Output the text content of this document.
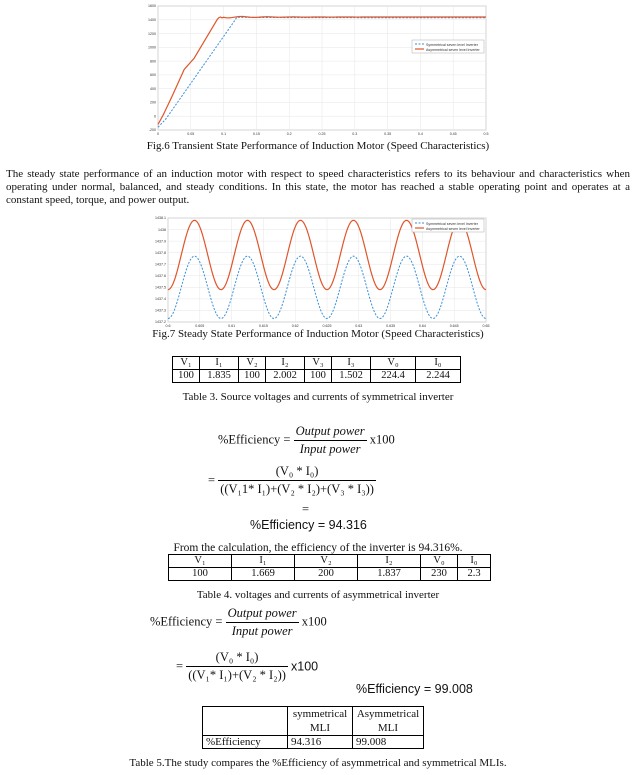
1600
1400
1200
1000
800
600
400
200
0
-200
0	0.05	0.1	0.15	0.2	0.25	0.3	0.35	0.4	0.45	0.5
Symmetrical seven level Inverter
Asymmetrical seven level Inverter
Fig.6 Transient State Performance of Induction Motor (Speed Characteristics)
The steady state performance of an induction motor with respect to speed characteristics refers to its behaviour and characteristics when operating under normal, balanced, and steady conditions. In this state, the motor has reached a stable operating point and operates at a constant speed, torque, and power output.
1438.1
1438
1437.9
1437.8
1437.7
1437.6
1437.5
1437.4
1437.3
1437.2
0.6	0.605	0.61	0.615	0.62	0.625	0.63	0.635	0.64	0.645	0.65
Symmetrical seven level Inverter
Asymmetrical seven level Inverter
Fig.7 Steady State Performance of Induction Motor (Speed Characteristics)
V₁	I₁	V₂	I₂	V₃	I₃	V₀	I₀
100	1.835	100	2.002	100	1.502	224.4	2.244
Table 3. Source voltages and currents of symmetrical inverter
%Efficiency = $\frac{\text{Output power}}{\text{Input power}} x100$
= $\frac{\text{(V₀ * I₀)}}{\text{((V₁1* I₁)+(V₂ * I₂)+(V₃ * I₃))}}$
=
%Efficiency = 94.316
From the calculation, the efficiency of the inverter is 94.316%.
V₁	I₁	V₂	I₂	V₀	I₀
100	1.669	200	1.837	230	2.3
Table 4. voltages and currents of asymmetrical inverter
%Efficiency = $\frac{\text{Output power}}{\text{Input power}} x100$
= $\frac{\text{(V₀ * I₀)}}{\text{((V₁* I₁)+(V₂ * I₂))}} x100$
%Efficiency = 99.008
	symmetrical MLI	Asymmetrical MLI
%Efficiency	94.316	99.008
Table 5.The study compares the %Efficiency of asymmetrical and symmetrical MLIs.
